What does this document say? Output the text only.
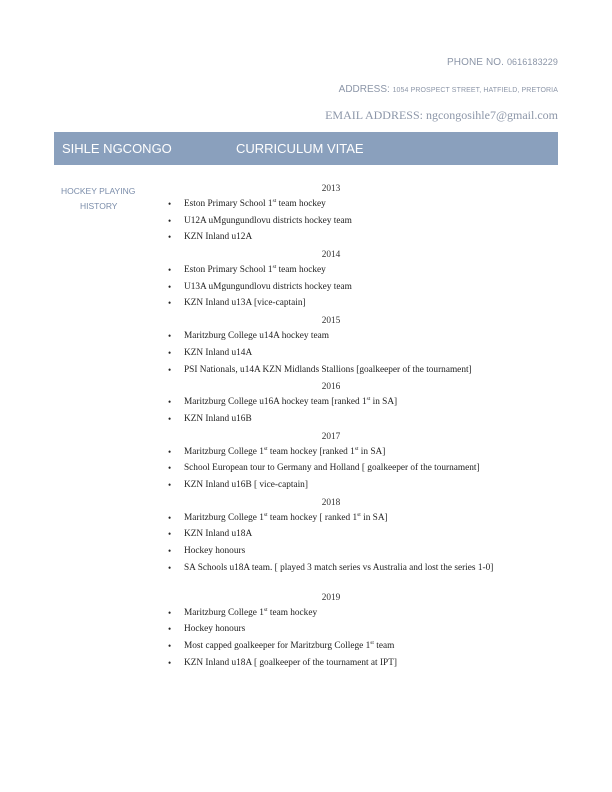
PHONE NO. 0616183229
ADDRESS: 1054 PROSPECT STREET, HATFIELD, PRETORIA
EMAIL ADDRESS: ngcongosihle7@gmail.com
SIHLE NGCONGO	CURRICULUM VITAE
HOCKEY PLAYING
HISTORY
2013
• Eston Primary School 1st team hockey
• U12A uMgungundlovu districts hockey team
• KZN Inland u12A
2014
• Eston Primary School 1st team hockey
• U13A uMgungundlovu districts hockey team
• KZN Inland u13A [vice-captain]
2015
• Maritzburg College u14A hockey team
• KZN Inland u14A
• PSI Nationals, u14A KZN Midlands Stallions [goalkeeper of the tournament]
2016
• Maritzburg College u16A hockey team [ranked 1st in SA]
• KZN Inland u16B
2017
• Maritzburg College 1st team hockey [ranked 1st in SA]
• School European tour to Germany and Holland [ goalkeeper of the tournament]
• KZN Inland u16B [ vice-captain]
2018
• Maritzburg College 1st team hockey [ ranked 1st in SA]
• KZN Inland u18A
• Hockey honours
• SA Schools u18A team. [ played 3 match series vs Australia and lost the series 1-0]
2019
• Maritzburg College 1st team hockey
• Hockey honours
• Most capped goalkeeper for Maritzburg College 1st team
• KZN Inland u18A [ goalkeeper of the tournament at IPT]
